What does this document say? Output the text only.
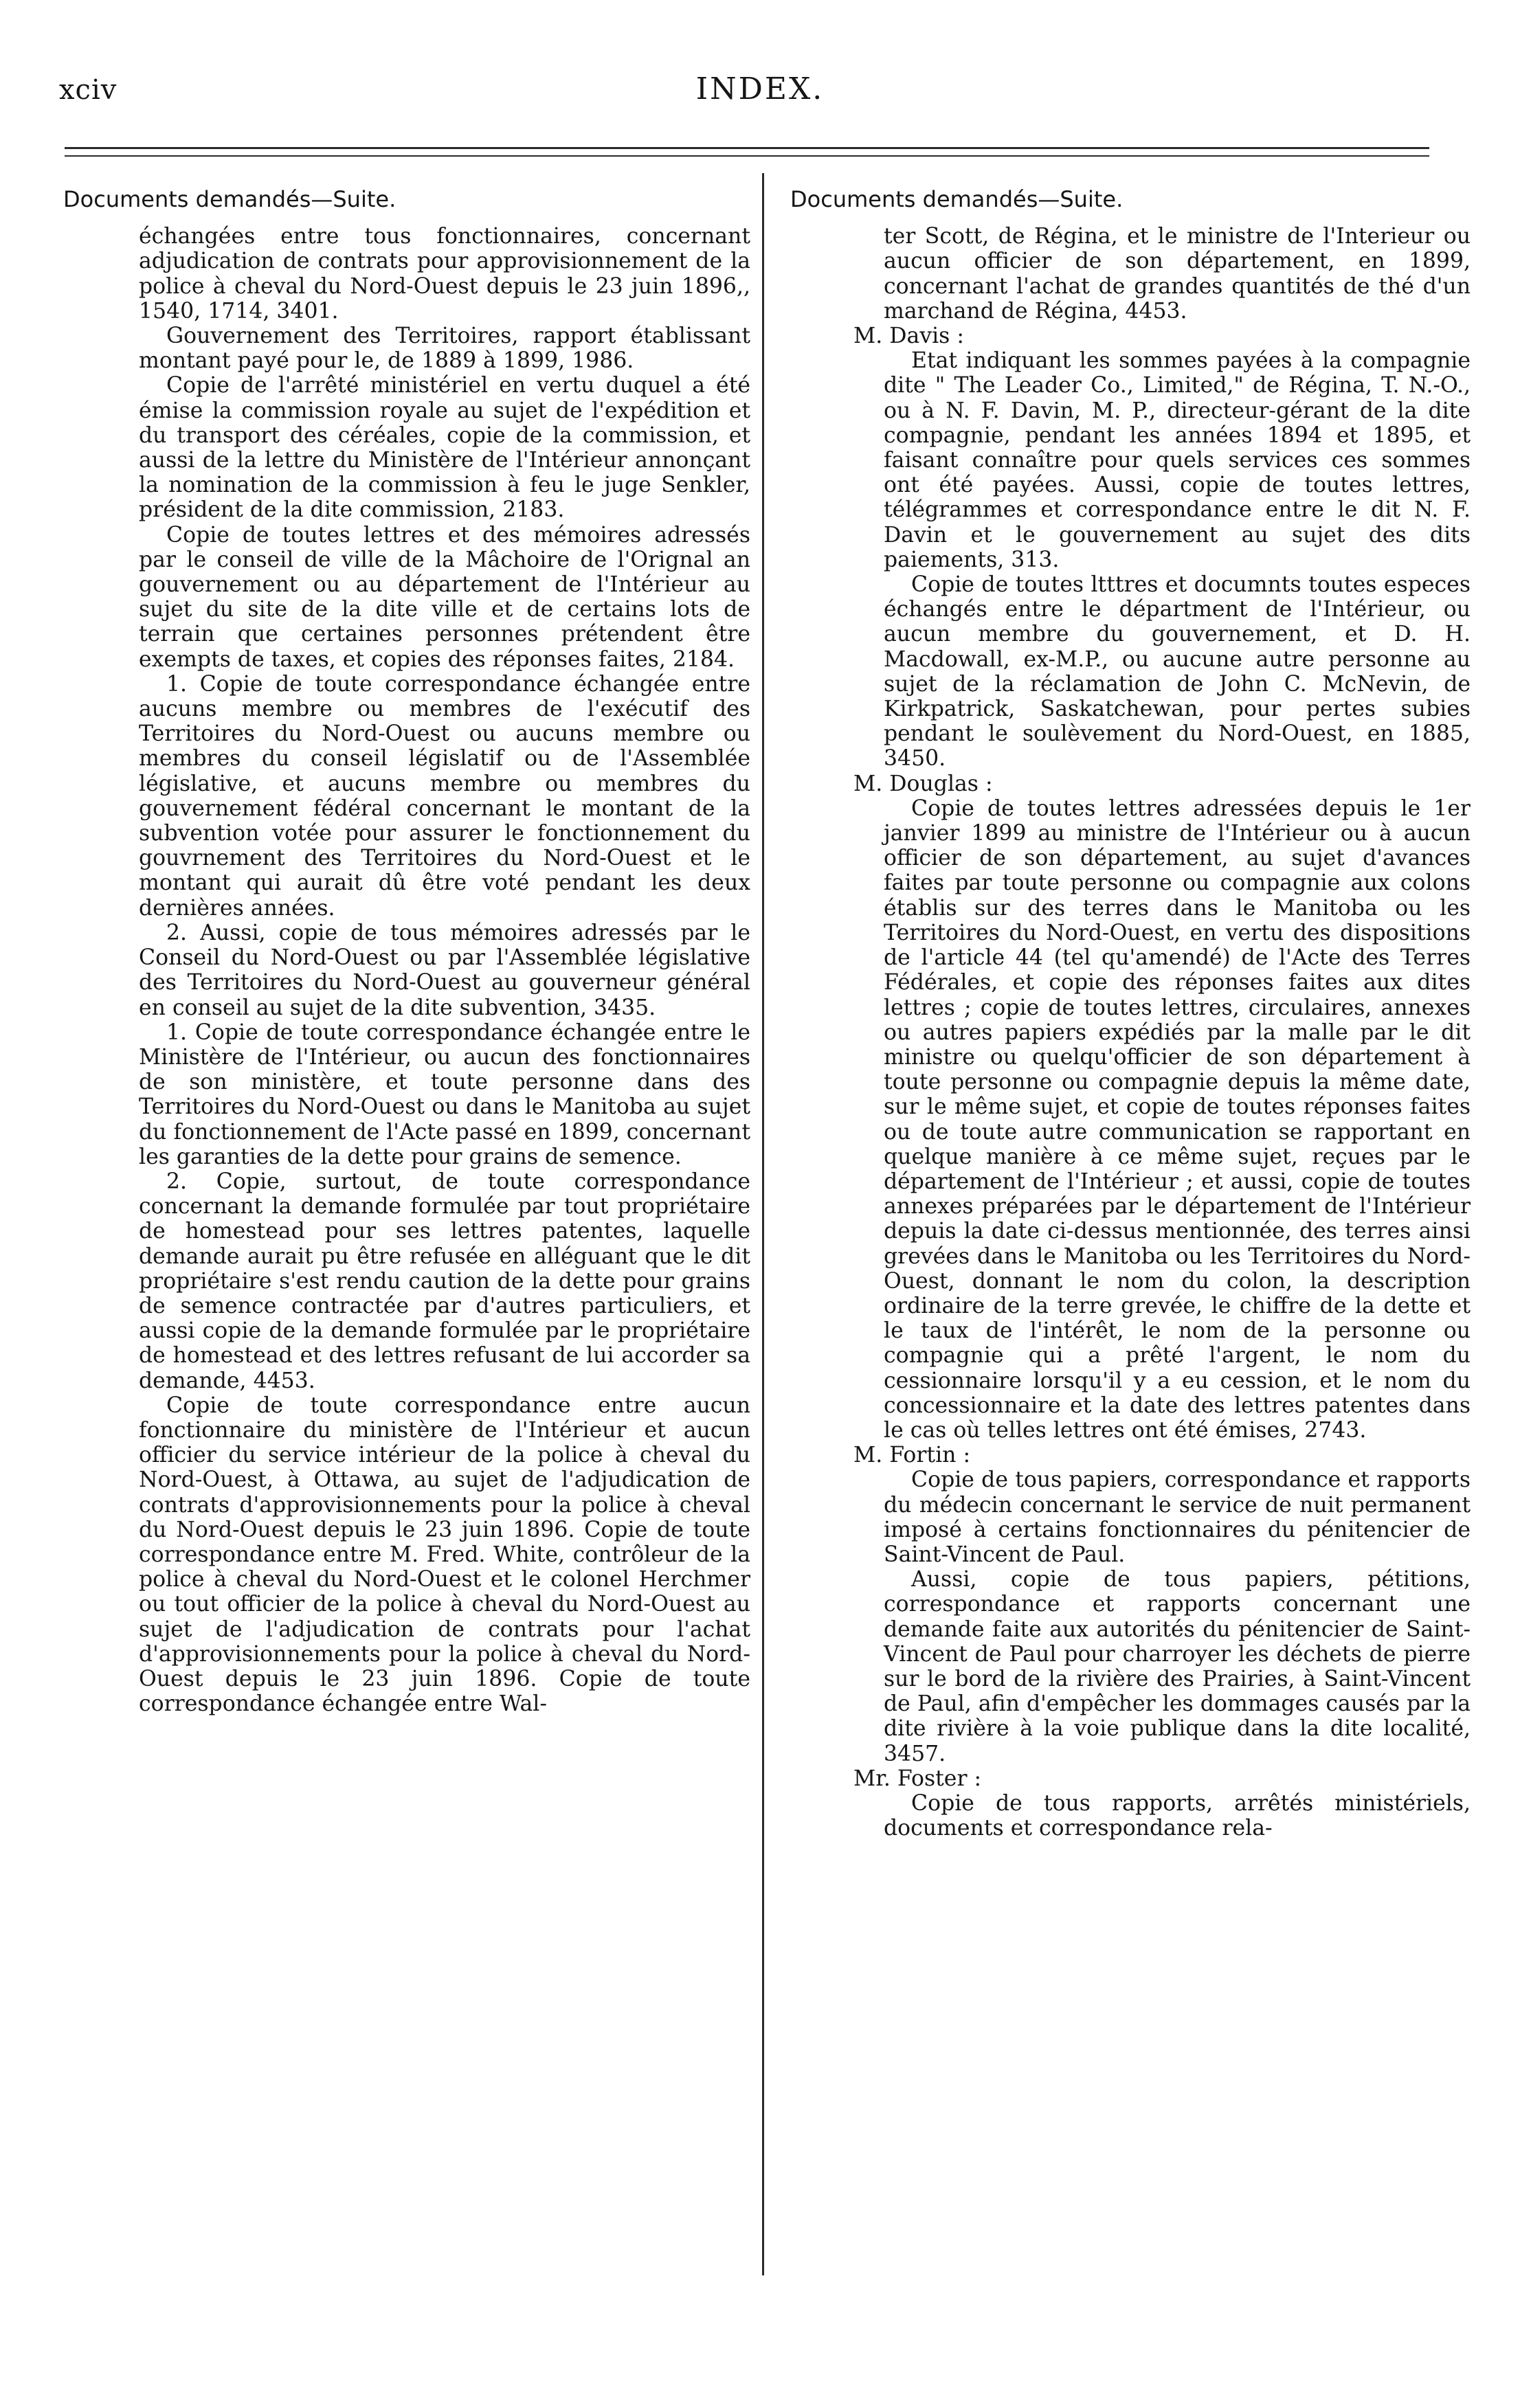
xciv	INDEX.

Documents demandés—Suite.

échangées entre tous fonctionnaires, concernant adjudication de contrats pour approvisionnement de la police à cheval du Nord-Ouest depuis le 23 juin 1896,, 1540, 1714, 3401.

Gouvernement des Territoires, rapport établissant montant payé pour le, de 1889 à 1899, 1986.

Copie de l'arrêté ministériel en vertu duquel a été émise la commission royale au sujet de l'expédition et du transport des céréales, copie de la commission, et aussi de la lettre du Ministère de l'Intérieur annonçant la nomination de la commission à feu le juge Senkler, président de la dite commission, 2183.

Copie de toutes lettres et des mémoires adressés par le conseil de ville de la Mâchoire de l'Orignal an gouvernement ou au département de l'Intérieur au sujet du site de la dite ville et de certains lots de terrain que certaines personnes prétendent être exempts de taxes, et copies des réponses faites, 2184.

1. Copie de toute correspondance échangée entre aucuns membre ou membres de l'exécutif des Territoires du Nord-Ouest ou aucuns membre ou membres du conseil législatif ou de l'Assemblée législative, et aucuns membre ou membres du gouvernement fédéral concernant le montant de la subvention votée pour assurer le fonctionnement du gouvrnement des Territoires du Nord-Ouest et le montant qui aurait dû être voté pendant les deux dernières années.

2. Aussi, copie de tous mémoires adressés par le Conseil du Nord-Ouest ou par l'Assemblée législative des Territoires du Nord-Ouest au gouverneur général en conseil au sujet de la dite subvention, 3435.

1. Copie de toute correspondance échangée entre le Ministère de l'Intérieur, ou aucun des fonctionnaires de son ministère, et toute personne dans des Territoires du Nord-Ouest ou dans le Manitoba au sujet du fonctionnement de l'Acte passé en 1899, concernant les garanties de la dette pour grains de semence.

2. Copie, surtout, de toute correspondance concernant la demande formulée par tout propriétaire de homestead pour ses lettres patentes, laquelle demande aurait pu être refusée en alléguant que le dit propriétaire s'est rendu caution de la dette pour grains de semence contractée par d'autres particuliers, et aussi copie de la demande formulée par le propriétaire de homestead et des lettres refusant de lui accorder sa demande, 4453.

Copie de toute correspondance entre aucun fonctionnaire du ministère de l'Intérieur et aucun officier du service intérieur de la police à cheval du Nord-Ouest, à Ottawa, au sujet de l'adjudication de contrats d'approvisionnements pour la police à cheval du Nord-Ouest depuis le 23 juin 1896. Copie de toute correspondance entre M. Fred. White, contrôleur de la police à cheval du Nord-Ouest et le colonel Herchmer ou tout officier de la police à cheval du Nord-Ouest au sujet de l'adjudication de contrats pour l'achat d'approvisionnements pour la police à cheval du Nord-Ouest depuis le 23 juin 1896. Copie de toute correspondance échangée entre Wal-

Documents demandés—Suite.

ter Scott, de Régina, et le ministre de l'Interieur ou aucun officier de son département, en 1899, concernant l'achat de grandes quantités de thé d'un marchand de Régina, 4453.

M. Davis :

Etat indiquant les sommes payées à la compagnie dite " The Leader Co., Limited," de Régina, T. N.-O., ou à N. F. Davin, M. P., directeur-gérant de la dite compagnie, pendant les années 1894 et 1895, et faisant connaître pour quels services ces sommes ont été payées. Aussi, copie de toutes lettres, télégrammes et correspondance entre le dit N. F. Davin et le gouvernement au sujet des dits paiements, 313.

Copie de toutes ltttres et documnts toutes especes échangés entre le départment de l'Intérieur, ou aucun membre du gouvernement, et D. H. Macdowall, ex-M.P., ou aucune autre personne au sujet de la réclamation de John C. McNevin, de Kirkpatrick, Saskatchewan, pour pertes subies pendant le soulèvement du Nord-Ouest, en 1885, 3450.

M. Douglas :

Copie de toutes lettres adressées depuis le 1er janvier 1899 au ministre de l'Intérieur ou à aucun officier de son département, au sujet d'avances faites par toute personne ou compagnie aux colons établis sur des terres dans le Manitoba ou les Territoires du Nord-Ouest, en vertu des dispositions de l'article 44 (tel qu'amendé) de l'Acte des Terres Fédérales, et copie des réponses faites aux dites lettres ; copie de toutes lettres, circulaires, annexes ou autres papiers expédiés par la malle par le dit ministre ou quelqu'officier de son département à toute personne ou compagnie depuis la même date, sur le même sujet, et copie de toutes réponses faites ou de toute autre communication se rapportant en quelque manière à ce même sujet, reçues par le département de l'Intérieur ; et aussi, copie de toutes annexes préparées par le département de l'Intérieur depuis la date ci-dessus mentionnée, des terres ainsi grevées dans le Manitoba ou les Territoires du Nord-Ouest, donnant le nom du colon, la description ordinaire de la terre grevée, le chiffre de la dette et le taux de l'intérêt, le nom de la personne ou compagnie qui a prêté l'argent, le nom du cessionnaire lorsqu'il y a eu cession, et le nom du concessionnaire et la date des lettres patentes dans le cas où telles lettres ont été émises, 2743.

M. Fortin :

Copie de tous papiers, correspondance et rapports du médecin concernant le service de nuit permanent imposé à certains fonctionnaires du pénitencier de Saint-Vincent de Paul.

Aussi, copie de tous papiers, pétitions, correspondance et rapports concernant une demande faite aux autorités du pénitencier de Saint-Vincent de Paul pour charroyer les déchets de pierre sur le bord de la rivière des Prairies, à Saint-Vincent de Paul, afin d'empêcher les dommages causés par la dite rivière à la voie publique dans la dite localité, 3457.

Mr. Foster :

Copie de tous rapports, arrêtés ministériels, documents et correspondance rela-
